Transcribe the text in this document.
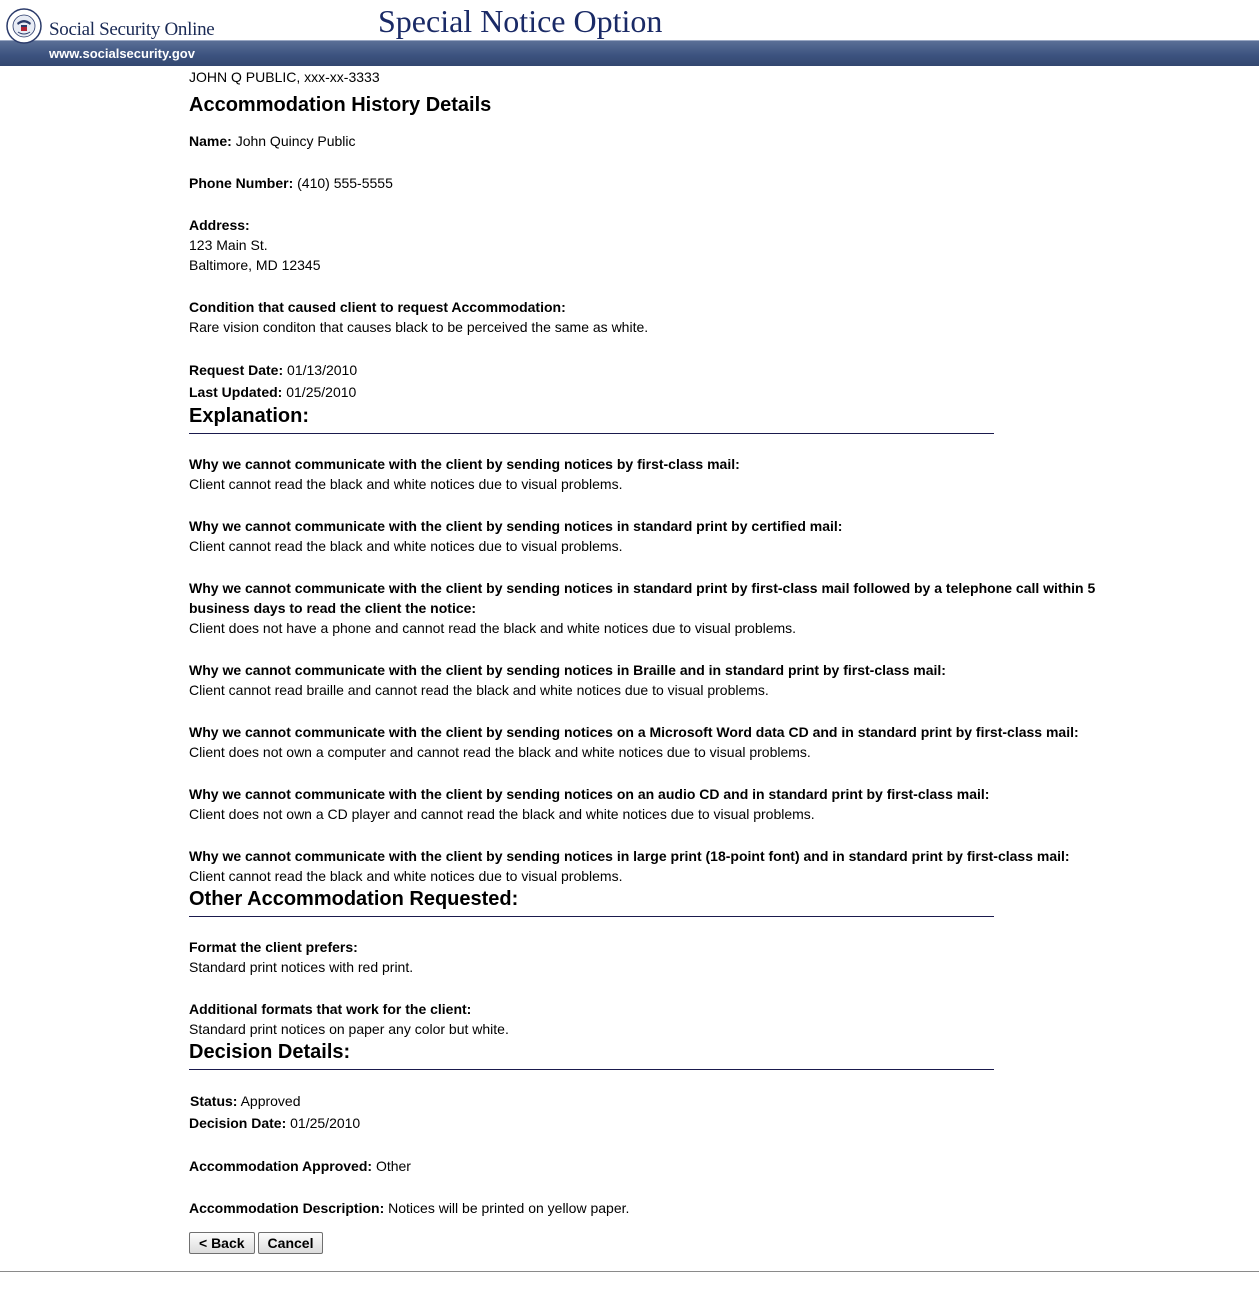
Social Security Online	Special Notice Option
www.socialsecurity.gov

JOHN Q PUBLIC, xxx-xx-3333

Accommodation History Details

Name: John Quincy Public

Phone Number: (410) 555-5555

Address:
123 Main St.
Baltimore, MD 12345

Condition that caused client to request Accommodation:
Rare vision conditon that causes black to be perceived the same as white.

Request Date: 01/13/2010

Last Updated: 01/25/2010

Explanation:
Why we cannot communicate with the client by sending notices by first-class mail:
Client cannot read the black and white notices due to visual problems.
Why we cannot communicate with the client by sending notices in standard print by certified mail:
Client cannot read the black and white notices due to visual problems.
Why we cannot communicate with the client by sending notices in standard print by first-class mail followed by a telephone call within 5 business days to read the client the notice:
Client does not have a phone and cannot read the black and white notices due to visual problems.
Why we cannot communicate with the client by sending notices in Braille and in standard print by first-class mail:
Client cannot read braille and cannot read the black and white notices due to visual problems.
Why we cannot communicate with the client by sending notices on a Microsoft Word data CD and in standard print by first-class mail:
Client does not own a computer and cannot read the black and white notices due to visual problems.
Why we cannot communicate with the client by sending notices on an audio CD and in standard print by first-class mail:
Client does not own a CD player and cannot read the black and white notices due to visual problems.
Why we cannot communicate with the client by sending notices in large print (18-point font) and in standard print by first-class mail:
Client cannot read the black and white notices due to visual problems.
Other Accommodation Requested:

Format the client prefers:
Standard print notices with red print.

Additional formats that work for the client:
Standard print notices on paper any color but white.

Decision Details:

Status: Approved

Decision Date: 01/25/2010

Accommodation Approved: Other

Accommodation Description: Notices will be printed on yellow paper.

< Back	Cancel
